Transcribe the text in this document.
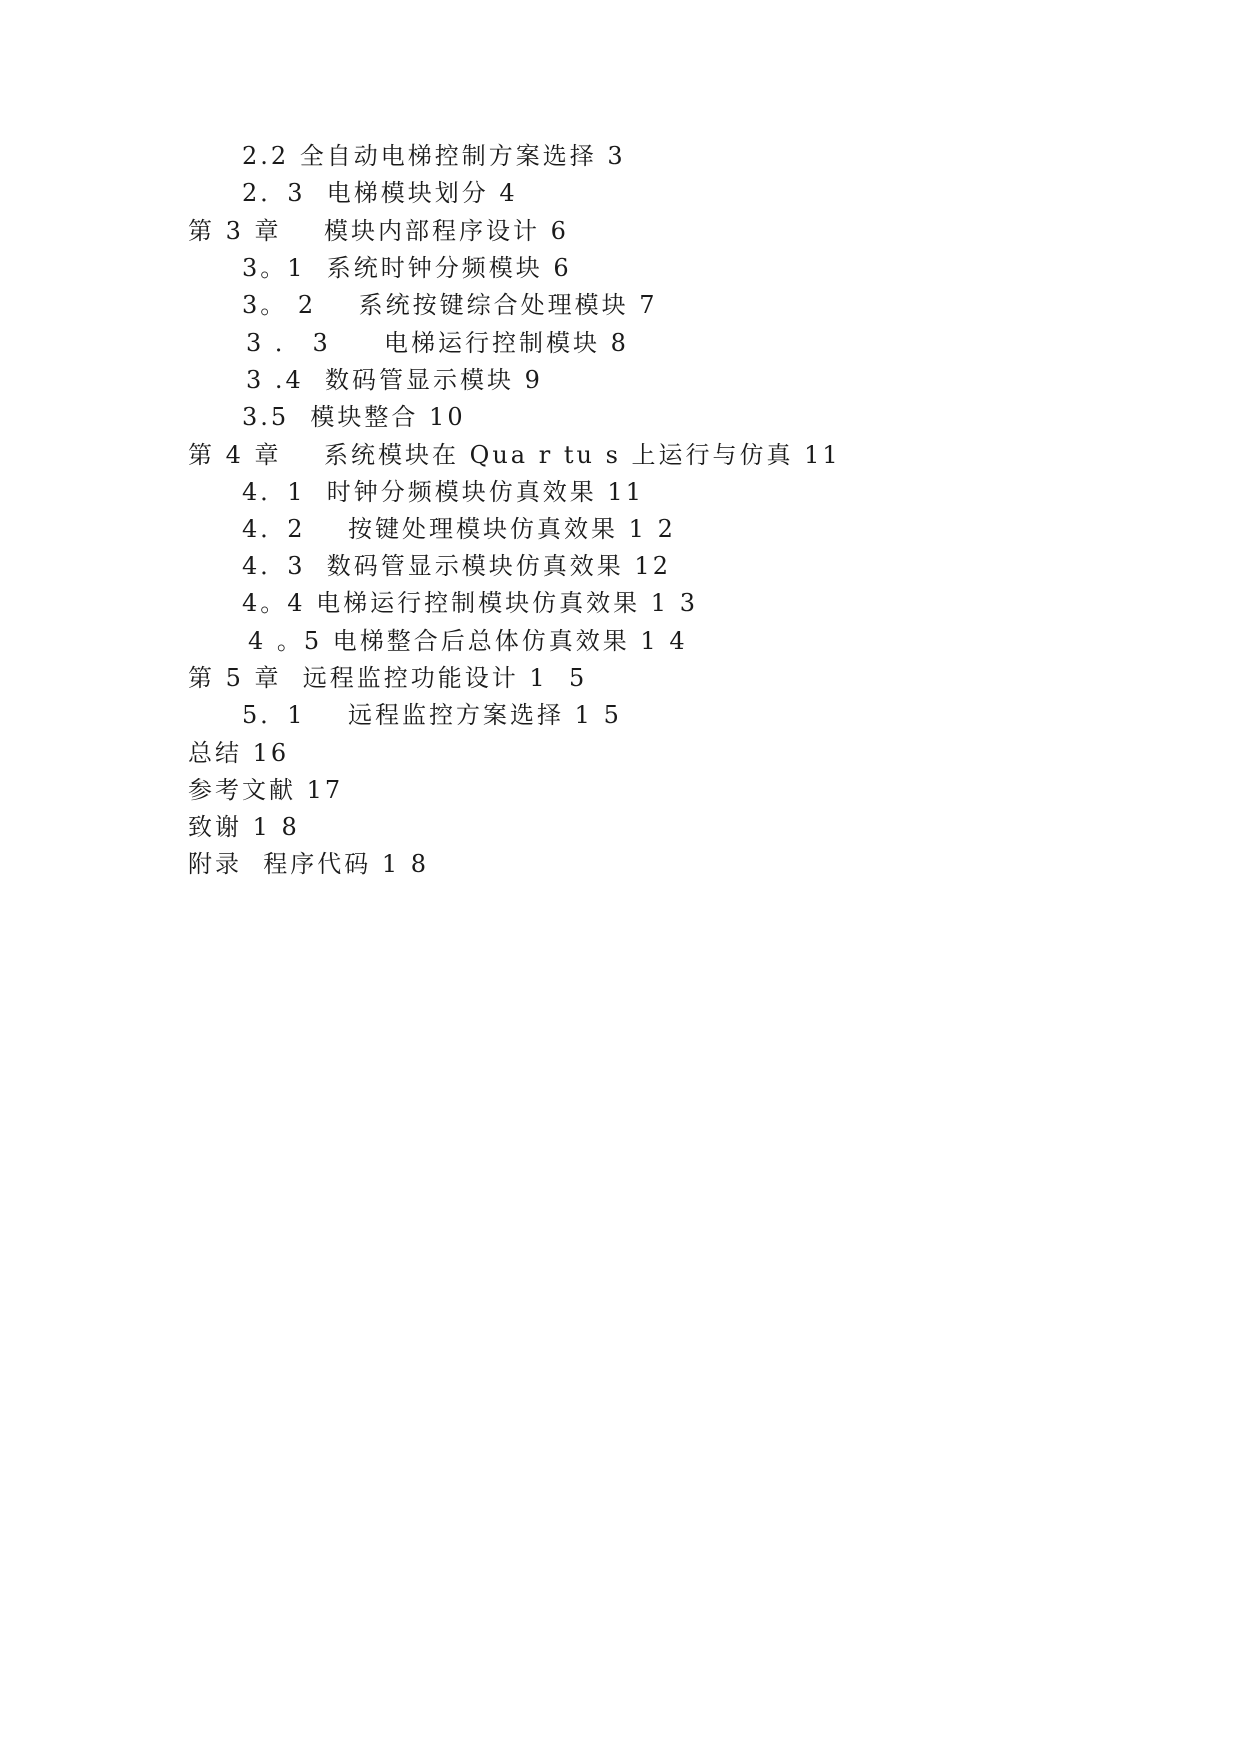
2.2 全自动电梯控制方案选择 3
2．3  电梯模块划分 4
第 3 章    模块内部程序设计 6
3。1  系统时钟分频模块 6
3。 2    系统按键综合处理模块 7
3 ． 3     电梯运行控制模块 8
3 .4  数码管显示模块 9
3.5  模块整合 10
第 4 章    系统模块在 Qua r tu s 上运行与仿真 11
4．1  时钟分频模块仿真效果 11
4．2    按键处理模块仿真效果 1 2
4．3  数码管显示模块仿真效果 12
4。4 电梯运行控制模块仿真效果 1 3
4 。5 电梯整合后总体仿真效果 1 4
第 5 章  远程监控功能设计 1  5
5．1    远程监控方案选择 1 5
总结 16
参考文献 17
致谢 1 8
附录  程序代码 1 8
